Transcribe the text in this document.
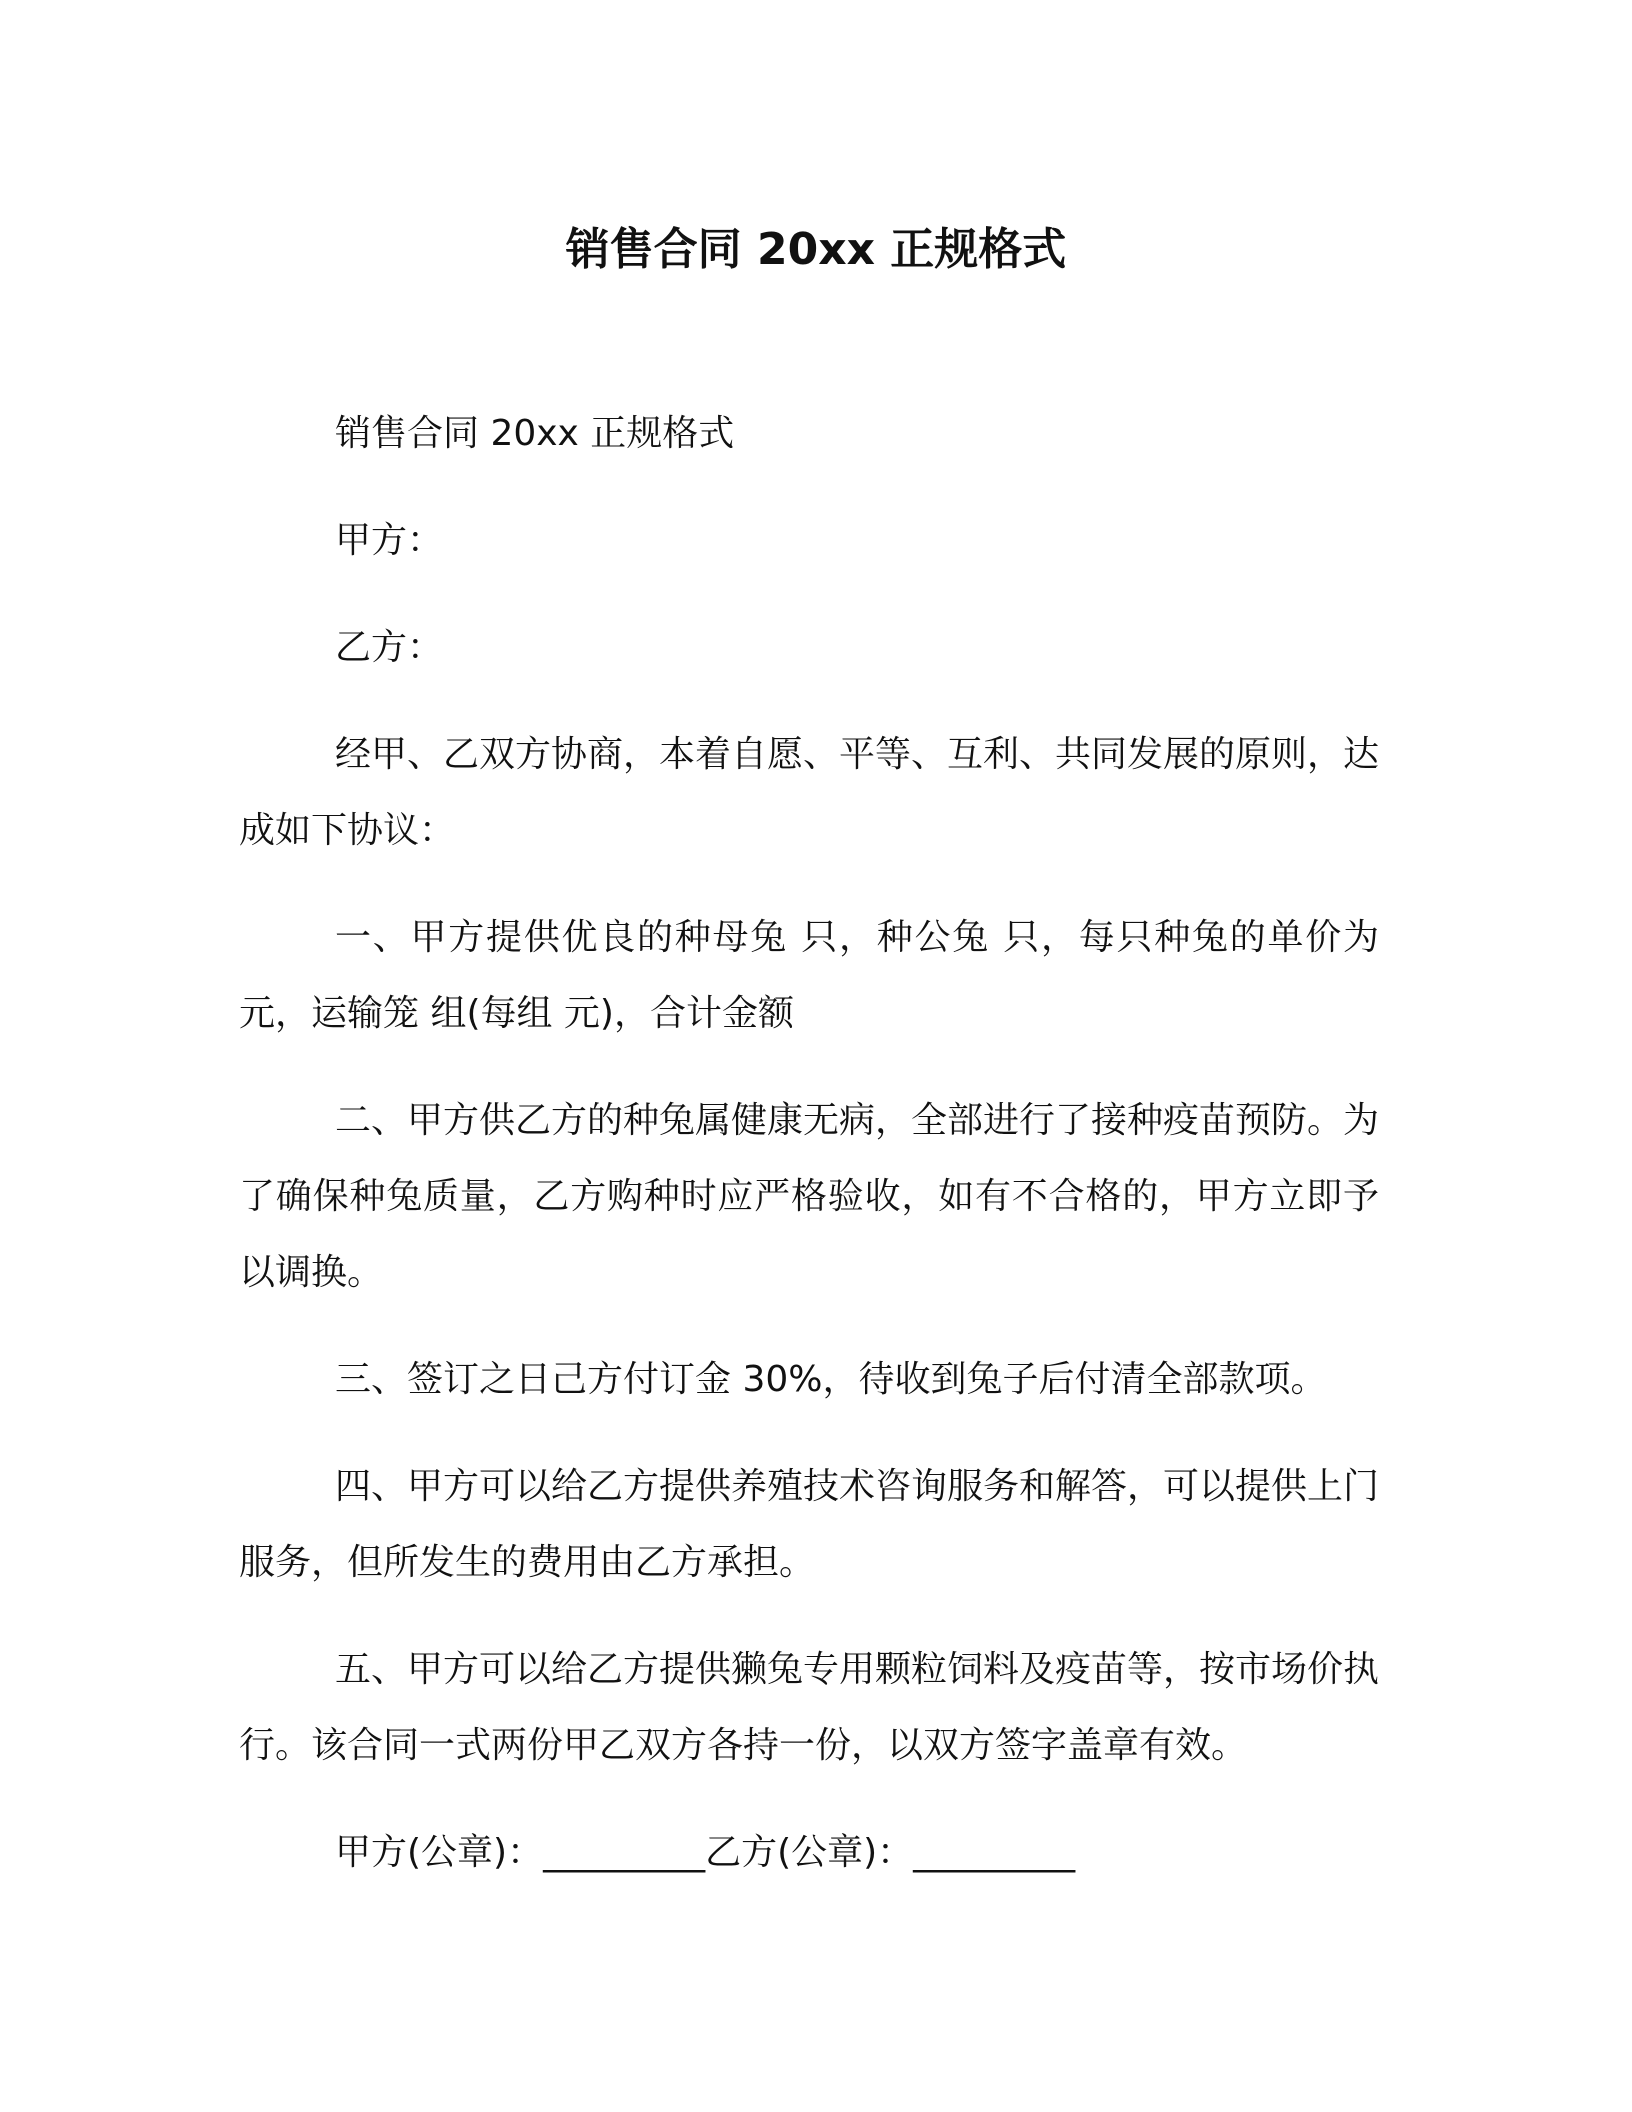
销售合同 20xx 正规格式

销售合同 20xx 正规格式

甲方：

乙方：

经甲、乙双方协商，本着自愿、平等、互利、共同发展的原则，达成如下协议：

一、甲方提供优良的种母兔 只，种公兔 只，每只种兔的单价为 元，运输笼 组(每组 元)，合计金额

二、甲方供乙方的种兔属健康无病，全部进行了接种疫苗预防。为了确保种兔质量，乙方购种时应严格验收，如有不合格的，甲方立即予以调换。

三、签订之日己方付订金 30%，待收到兔子后付清全部款项。

四、甲方可以给乙方提供养殖技术咨询服务和解答，可以提供上门服务，但所发生的费用由乙方承担。

五、甲方可以给乙方提供獭兔专用颗粒饲料及疫苗等，按市场价执行。该合同一式两份甲乙双方各持一份，以双方签字盖章有效。

甲方(公章)：_________乙方(公章)：_________
